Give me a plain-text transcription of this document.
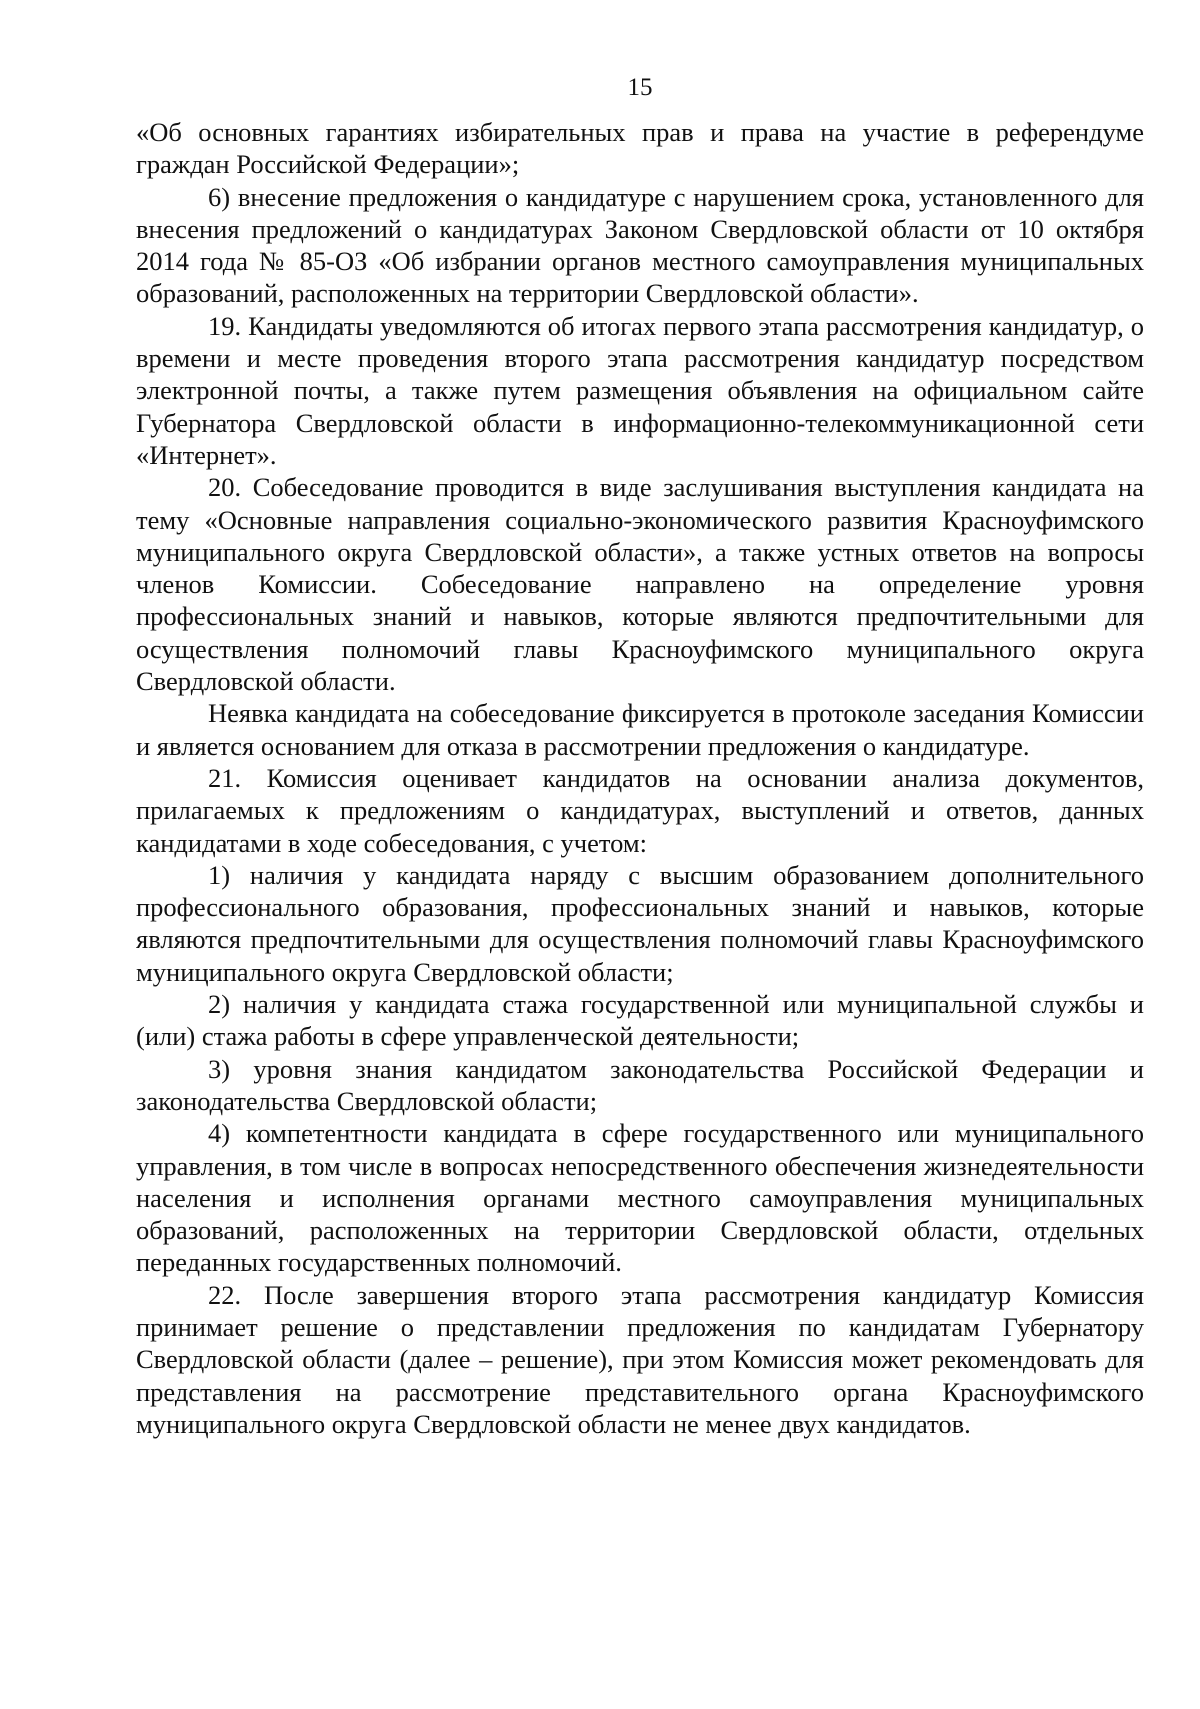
15

«Об основных гарантиях избирательных прав и права на участие в референдуме граждан Российской Федерации»;

6) внесение предложения о кандидатуре с нарушением срока, установленного для внесения предложений о кандидатурах Законом Свердловской области от 10 октября 2014 года № 85-ОЗ «Об избрании органов местного самоуправления муниципальных образований, расположенных на территории Свердловской области».

19. Кандидаты уведомляются об итогах первого этапа рассмотрения кандидатур, о времени и месте проведения второго этапа рассмотрения кандидатур посредством электронной почты, а также путем размещения объявления на официальном сайте Губернатора Свердловской области в информационно-телекоммуникационной сети «Интернет».

20. Собеседование проводится в виде заслушивания выступления кандидата на тему «Основные направления социально-экономического развития Красноуфимского муниципального округа Свердловской области», а также устных ответов на вопросы членов Комиссии. Собеседование направлено на определение уровня профессиональных знаний и навыков, которые являются предпочтительными для осуществления полномочий главы Красноуфимского муниципального округа Свердловской области.

Неявка кандидата на собеседование фиксируется в протоколе заседания Комиссии и является основанием для отказа в рассмотрении предложения о кандидатуре.

21. Комиссия оценивает кандидатов на основании анализа документов, прилагаемых к предложениям о кандидатурах, выступлений и ответов, данных кандидатами в ходе собеседования, с учетом:

1) наличия у кандидата наряду с высшим образованием дополнительного профессионального образования, профессиональных знаний и навыков, которые являются предпочтительными для осуществления полномочий главы Красноуфимского муниципального округа Свердловской области;

2) наличия у кандидата стажа государственной или муниципальной службы и (или) стажа работы в сфере управленческой деятельности;

3) уровня знания кандидатом законодательства Российской Федерации и законодательства Свердловской области;

4) компетентности кандидата в сфере государственного или муниципального управления, в том числе в вопросах непосредственного обеспечения жизнедеятельности населения и исполнения органами местного самоуправления муниципальных образований, расположенных на территории Свердловской области, отдельных переданных государственных полномочий.

22. После завершения второго этапа рассмотрения кандидатур Комиссия принимает решение о представлении предложения по кандидатам Губернатору Свердловской области (далее – решение), при этом Комиссия может рекомендовать для представления на рассмотрение представительного органа Красноуфимского муниципального округа Свердловской области не менее двух кандидатов.
